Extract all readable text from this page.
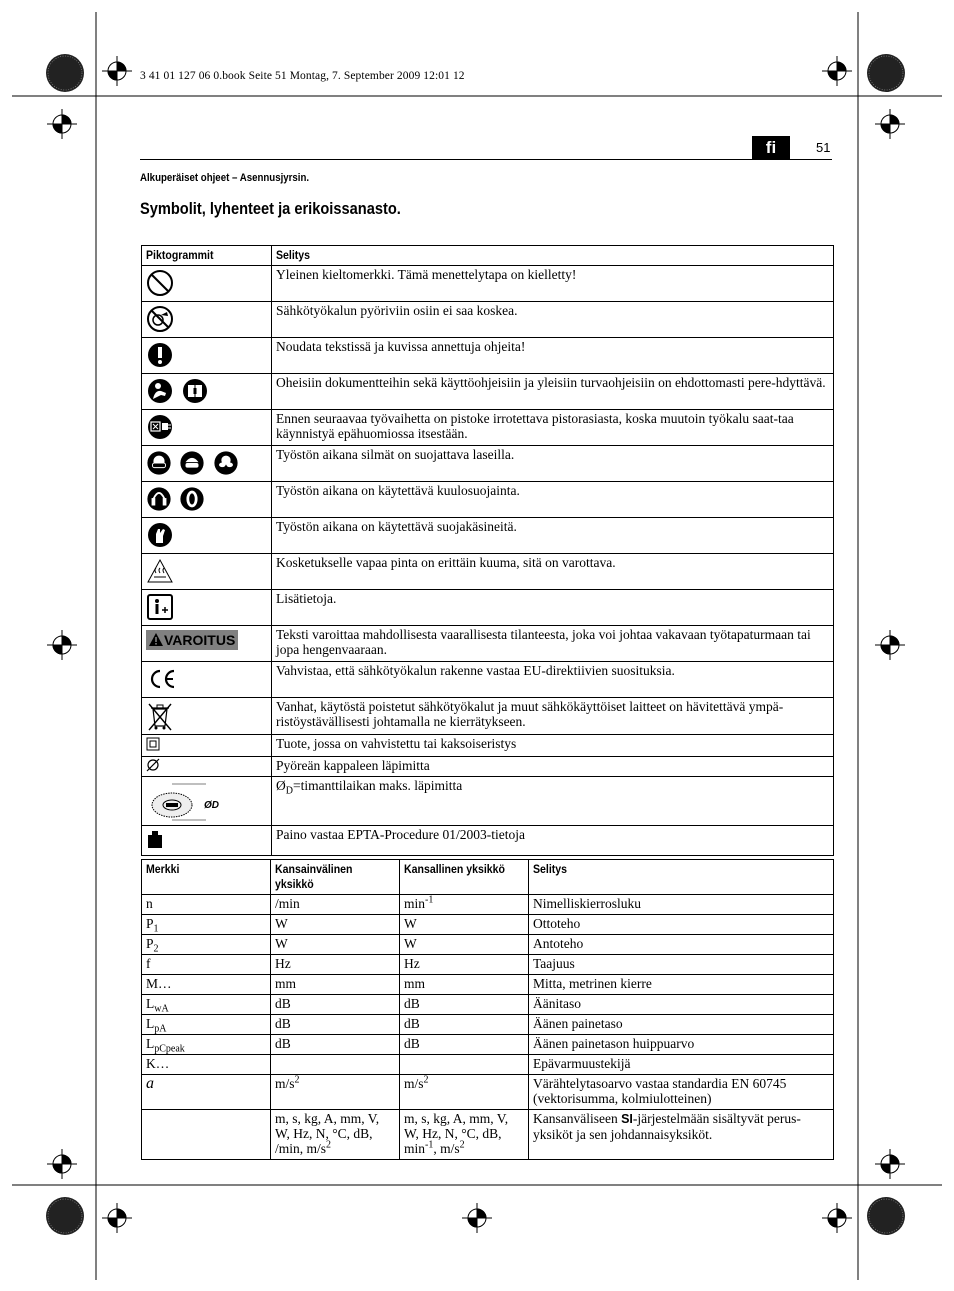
3 41 01 127 06 0.book Seite 51 Montag, 7. September 2009 12:01 12
fi	51
Alkuperäiset ohjeet – Asennusjyrsin.
Symbolit, lyhenteet ja erikoissanasto.
Piktogrammit	Selitys
	Yleinen kieltomerkki. Tämä menettelytapa on kielletty!
	Sähkötyökalun pyöriviin osiin ei saa koskea.
	Noudata tekstissä ja kuvissa annettuja ohjeita!
	Oheisiin dokumentteihin sekä käyttöohjeisiin ja yleisiin turvaohjeisiin on ehdottomasti pere-hdyttävä.
	Ennen seuraavaa työvaihetta on pistoke irrotettava pistorasiasta, koska muutoin työkalu saat-taa käynnistyä epähuomiossa itsestään.
	Työstön aikana silmät on suojattava laseilla.
	Työstön aikana on käytettävä kuulosuojainta.
	Työstön aikana on käytettävä suojakäsineitä.
	Kosketukselle vapaa pinta on erittäin kuuma, sitä on varottava.
	Lisätietoja.
VAROITUS	Teksti varoittaa mahdollisesta vaarallisesta tilanteesta, joka voi johtaa vakavaan työtapaturmaan tai jopa hengenvaaraan.
	Vahvistaa, että sähkötyökalun rakenne vastaa EU-direktiivien suosituksia.
	Vanhat, käytöstä poistetut sähkötyökalut ja muut sähkökäyttöiset laitteet on hävitettävä ympä-ristöystävällisesti johtamalla ne kierrätykseen.
	Tuote, jossa on vahvistettu tai kaksoiseristys
	Pyöreän kappaleen läpimitta

ØD	$Ø_D=timanttilaikan$ maks. läpimitta
	Paino vastaa EPTA-Procedure 01/2003-tietoja
Merkki	Kansainvälinen yksikkö	Kansallinen yksikkö	Selitys
n	/min	$\min^{-1}$	Nimelliskierrosluku
$P_1$	W	W	Ottoteho
$P_2$	W	W	Antoteho
f	Hz	Hz	Taajuus
M…	mm	mm	Mitta, metrinen kierre
$L_{wA}$	dB	dB	Äänitaso
$L_{pA}$	dB	dB	Äänen painetaso
$L_{pCpeak}$	dB	dB	Äänen painetason huippuarvo
K…			Epävarmuustekijä
a	$m/s^2$	$m/s^2$	Värähtelytasoarvo vastaa standardia EN 60745 (vektorisumma, kolmiulotteinen)
	m, s, kg, A, mm, V, W, Hz, N, °C, dB, /min, $m/s^2$	m, s, kg, A, mm, V, W, Hz, N, °C, dB, $\min^{-1}$, $m/s^2$	Kansanväliseen SI-järjestelmään sisältyvät perus-yksiköt ja sen johdannaisyksiköt.
